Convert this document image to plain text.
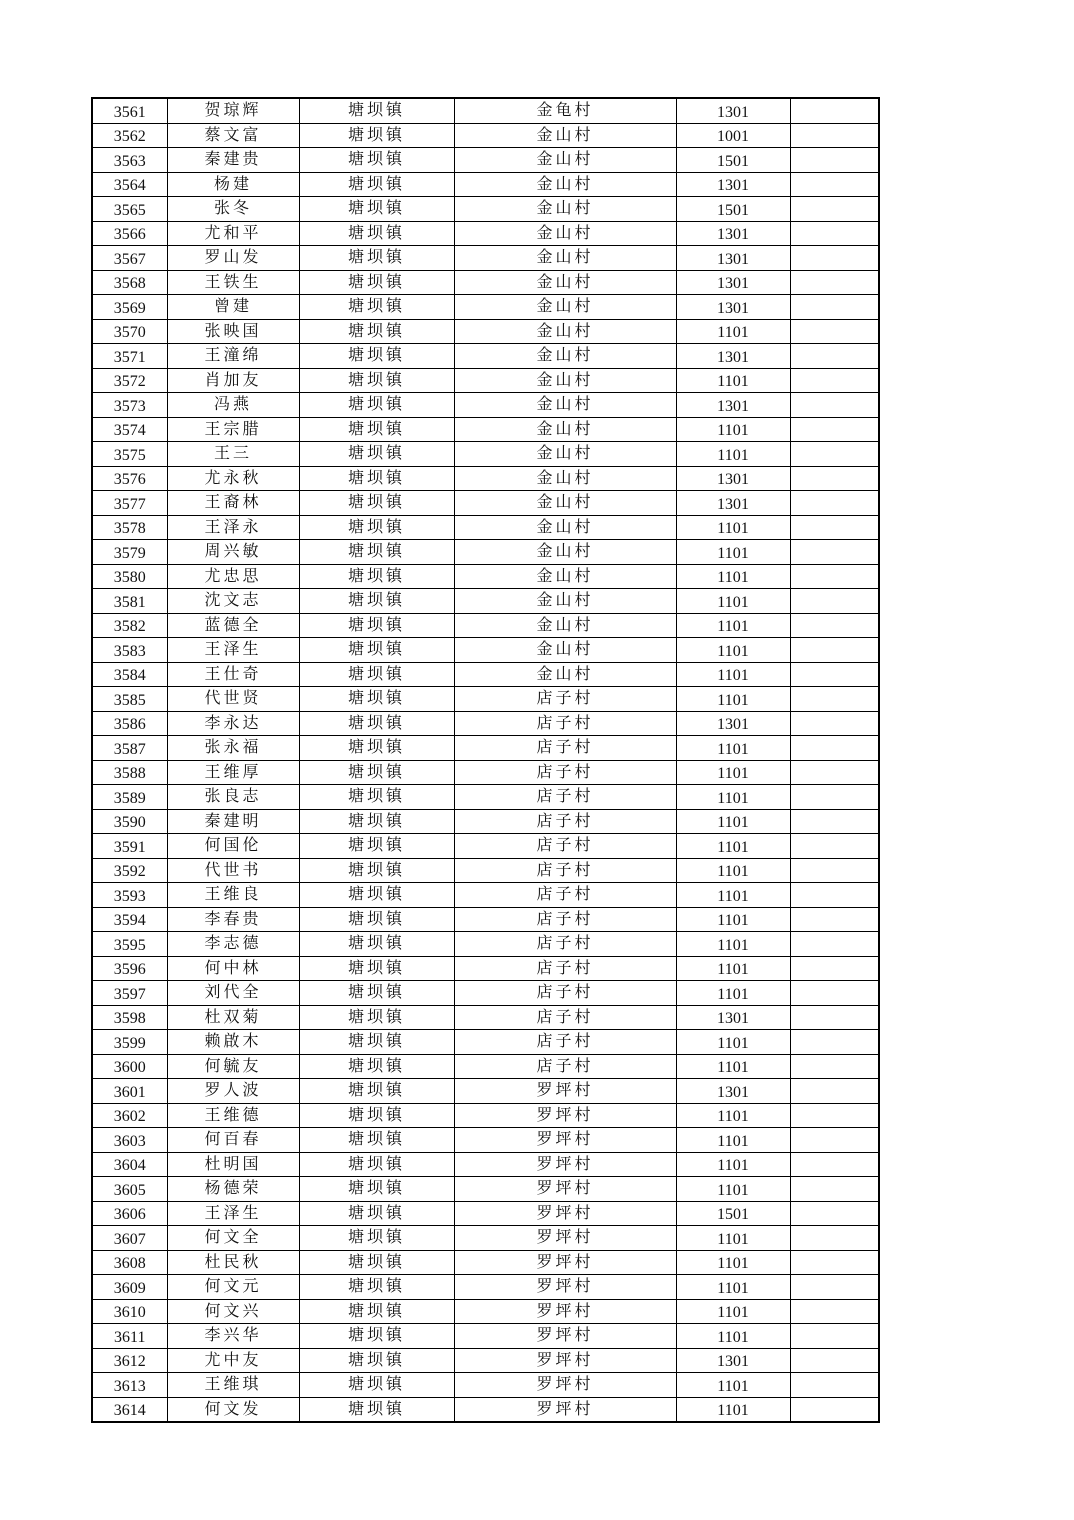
3561	贺琼辉	塘坝镇	金龟村	1301	
3562	蔡文富	塘坝镇	金山村	1001	
3563	秦建贵	塘坝镇	金山村	1501	
3564	杨建	塘坝镇	金山村	1301	
3565	张冬	塘坝镇	金山村	1501	
3566	尤和平	塘坝镇	金山村	1301	
3567	罗山发	塘坝镇	金山村	1301	
3568	王铁生	塘坝镇	金山村	1301	
3569	曾建	塘坝镇	金山村	1301	
3570	张映国	塘坝镇	金山村	1101	
3571	王潼绵	塘坝镇	金山村	1301	
3572	肖加友	塘坝镇	金山村	1101	
3573	冯燕	塘坝镇	金山村	1301	
3574	王宗腊	塘坝镇	金山村	1101	
3575	王三	塘坝镇	金山村	1101	
3576	尤永秋	塘坝镇	金山村	1301	
3577	王裔林	塘坝镇	金山村	1301	
3578	王泽永	塘坝镇	金山村	1101	
3579	周兴敏	塘坝镇	金山村	1101	
3580	尤忠思	塘坝镇	金山村	1101	
3581	沈文志	塘坝镇	金山村	1101	
3582	蓝德全	塘坝镇	金山村	1101	
3583	王泽生	塘坝镇	金山村	1101	
3584	王仕奇	塘坝镇	金山村	1101	
3585	代世贤	塘坝镇	店子村	1101	
3586	李永达	塘坝镇	店子村	1301	
3587	张永福	塘坝镇	店子村	1101	
3588	王维厚	塘坝镇	店子村	1101	
3589	张良志	塘坝镇	店子村	1101	
3590	秦建明	塘坝镇	店子村	1101	
3591	何国伦	塘坝镇	店子村	1101	
3592	代世书	塘坝镇	店子村	1101	
3593	王维良	塘坝镇	店子村	1101	
3594	李春贵	塘坝镇	店子村	1101	
3595	李志德	塘坝镇	店子村	1101	
3596	何中林	塘坝镇	店子村	1101	
3597	刘代全	塘坝镇	店子村	1101	
3598	杜双菊	塘坝镇	店子村	1301	
3599	赖啟木	塘坝镇	店子村	1101	
3600	何毓友	塘坝镇	店子村	1101	
3601	罗人波	塘坝镇	罗坪村	1301	
3602	王维德	塘坝镇	罗坪村	1101	
3603	何百春	塘坝镇	罗坪村	1101	
3604	杜明国	塘坝镇	罗坪村	1101	
3605	杨德荣	塘坝镇	罗坪村	1101	
3606	王泽生	塘坝镇	罗坪村	1501	
3607	何文全	塘坝镇	罗坪村	1101	
3608	杜民秋	塘坝镇	罗坪村	1101	
3609	何文元	塘坝镇	罗坪村	1101	
3610	何文兴	塘坝镇	罗坪村	1101	
3611	李兴华	塘坝镇	罗坪村	1101	
3612	尤中友	塘坝镇	罗坪村	1301	
3613	王维琪	塘坝镇	罗坪村	1101	
3614	何文发	塘坝镇	罗坪村	1101	
